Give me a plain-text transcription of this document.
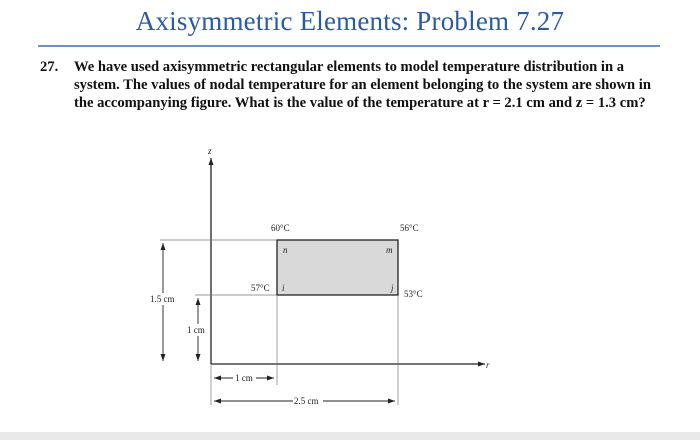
Axisymmetric Elements: Problem 7.27
27. We have used axisymmetric rectangular elements to model temperature distribution in a
system. The values of nodal temperature for an element belonging to the system are shown in
the accompanying figure. What is the value of the temperature at r = 2.1 cm and z = 1.3 cm?
z
r
1.5 cm
1 cm
1 cm
2.5 cm
n	m
i	j
60°C	56°C
57°C
53°C
